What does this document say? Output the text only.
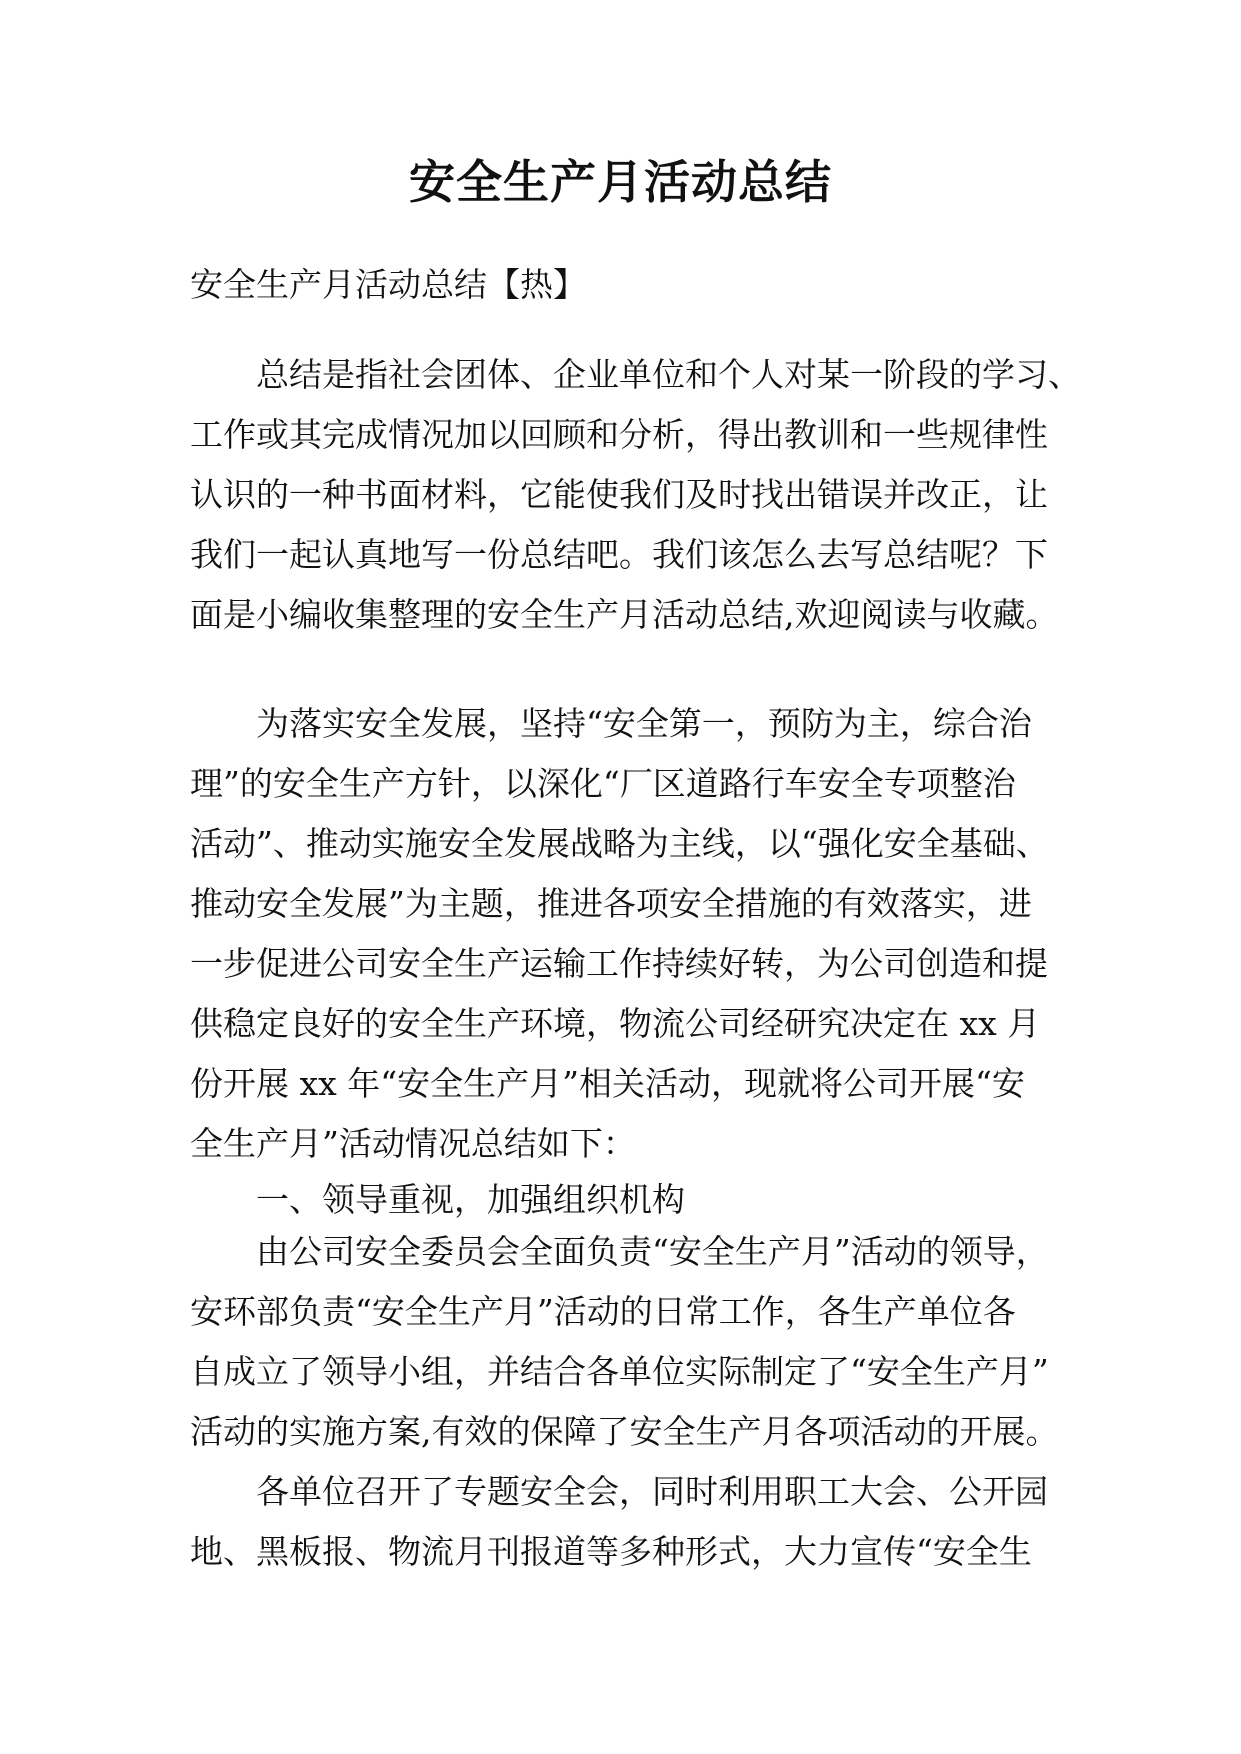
安全生产月活动总结
安全生产月活动总结【热】
总结是指社会团体、企业单位和个人对某一阶段的学习、
工作或其完成情况加以回顾和分析，得出教训和一些规律性
认识的一种书面材料，它能使我们及时找出错误并改正，让
我们一起认真地写一份总结吧。我们该怎么去写总结呢？下
面是小编收集整理的安全生产月活动总结,欢迎阅读与收藏。
为落实安全发展，坚持“安全第一，预防为主，综合治
理”的安全生产方针，以深化“厂区道路行车安全专项整治
活动”、推动实施安全发展战略为主线，以“强化安全基础、
推动安全发展”为主题，推进各项安全措施的有效落实，进
一步促进公司安全生产运输工作持续好转，为公司创造和提
供稳定良好的安全生产环境，物流公司经研究决定在 xx 月
份开展 xx 年“安全生产月”相关活动，现就将公司开展“安
全生产月”活动情况总结如下：
一、领导重视，加强组织机构
由公司安全委员会全面负责“安全生产月”活动的领导，
安环部负责“安全生产月”活动的日常工作，各生产单位各
自成立了领导小组，并结合各单位实际制定了“安全生产月”
活动的实施方案,有效的保障了安全生产月各项活动的开展。
各单位召开了专题安全会，同时利用职工大会、公开园
地、黑板报、物流月刊报道等多种形式，大力宣传“安全生
